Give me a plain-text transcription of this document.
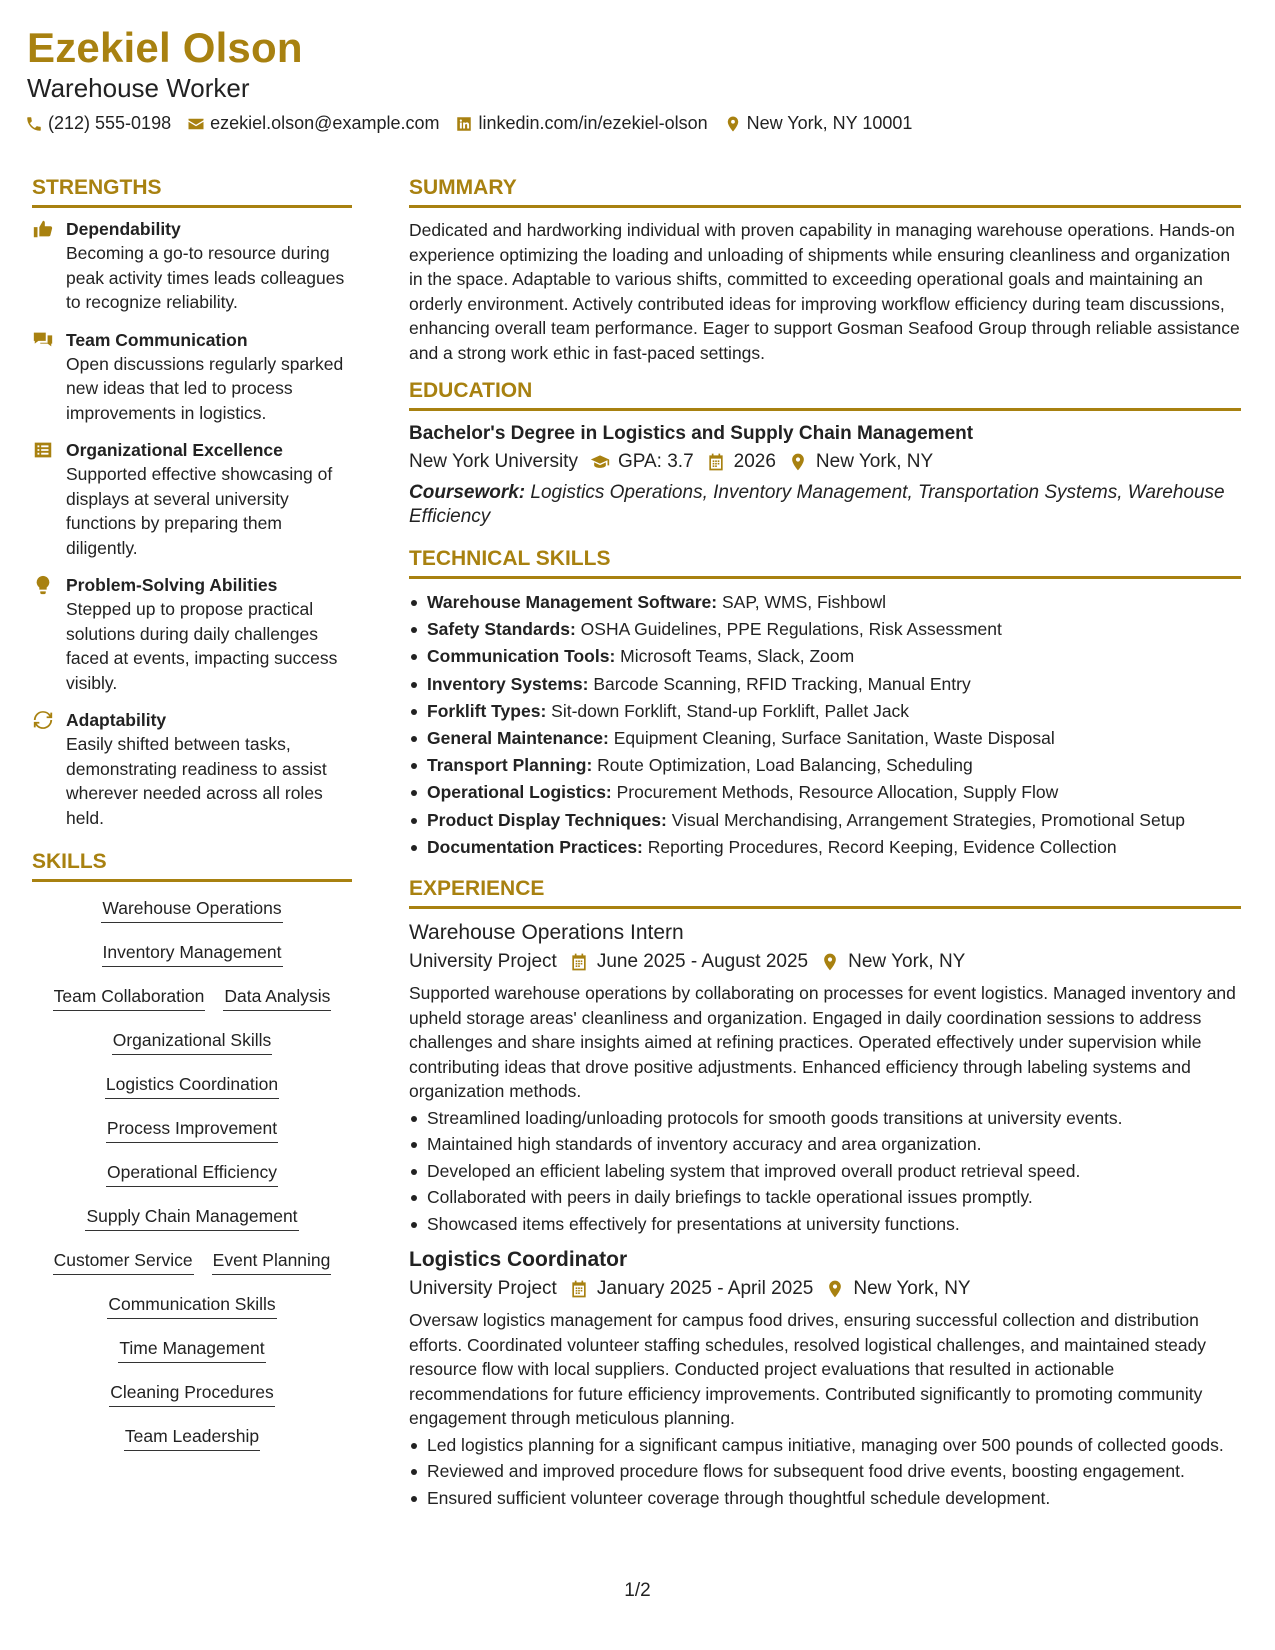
Ezekiel Olson
Warehouse Worker
(212) 555-0198 ezekiel.olson@example.com linkedin.com/in/ezekiel-olson New York, NY 10001
STRENGTHS
Dependability
Becoming a go-to resource during peak activity times leads colleagues to recognize reliability.
Team Communication
Open discussions regularly sparked new ideas that led to process improvements in logistics.
Organizational Excellence
Supported effective showcasing of displays at several university functions by preparing them diligently.
Problem-Solving Abilities
Stepped up to propose practical solutions during daily challenges faced at events, impacting success visibly.
Adaptability
Easily shifted between tasks, demonstrating readiness to assist wherever needed across all roles held.
SKILLS
Warehouse Operations
Inventory Management
Team Collaboration Data Analysis
Organizational Skills
Logistics Coordination
Process Improvement
Operational Efficiency
Supply Chain Management
Customer Service Event Planning
Communication Skills
Time Management
Cleaning Procedures
Team Leadership
SUMMARY
Dedicated and hardworking individual with proven capability in managing warehouse operations. Hands-on experience optimizing the loading and unloading of shipments while ensuring cleanliness and organization in the space. Adaptable to various shifts, committed to exceeding operational goals and maintaining an orderly environment. Actively contributed ideas for improving workflow efficiency during team discussions, enhancing overall team performance. Eager to support Gosman Seafood Group through reliable assistance and a strong work ethic in fast-paced settings.
EDUCATION
Bachelor's Degree in Logistics and Supply Chain Management
New York University GPA: 3.7 2026 New York, NY
Coursework: Logistics Operations, Inventory Management, Transportation Systems, Warehouse Efficiency
TECHNICAL SKILLS
Warehouse Management Software: SAP, WMS, Fishbowl
Safety Standards: OSHA Guidelines, PPE Regulations, Risk Assessment
Communication Tools: Microsoft Teams, Slack, Zoom
Inventory Systems: Barcode Scanning, RFID Tracking, Manual Entry
Forklift Types: Sit-down Forklift, Stand-up Forklift, Pallet Jack
General Maintenance: Equipment Cleaning, Surface Sanitation, Waste Disposal
Transport Planning: Route Optimization, Load Balancing, Scheduling
Operational Logistics: Procurement Methods, Resource Allocation, Supply Flow
Product Display Techniques: Visual Merchandising, Arrangement Strategies, Promotional Setup
Documentation Practices: Reporting Procedures, Record Keeping, Evidence Collection
EXPERIENCE
Warehouse Operations Intern
University Project June 2025 - August 2025 New York, NY
Supported warehouse operations by collaborating on processes for event logistics. Managed inventory and upheld storage areas' cleanliness and organization. Engaged in daily coordination sessions to address challenges and share insights aimed at refining practices. Operated effectively under supervision while contributing ideas that drove positive adjustments. Enhanced efficiency through labeling systems and organization methods.
Streamlined loading/unloading protocols for smooth goods transitions at university events.
Maintained high standards of inventory accuracy and area organization.
Developed an efficient labeling system that improved overall product retrieval speed.
Collaborated with peers in daily briefings to tackle operational issues promptly.
Showcased items effectively for presentations at university functions.
Logistics Coordinator
University Project January 2025 - April 2025 New York, NY
Oversaw logistics management for campus food drives, ensuring successful collection and distribution efforts. Coordinated volunteer staffing schedules, resolved logistical challenges, and maintained steady resource flow with local suppliers. Conducted project evaluations that resulted in actionable recommendations for future efficiency improvements. Contributed significantly to promoting community engagement through meticulous planning.
Led logistics planning for a significant campus initiative, managing over 500 pounds of collected goods.
Reviewed and improved procedure flows for subsequent food drive events, boosting engagement.
Ensured sufficient volunteer coverage through thoughtful schedule development.
1/2
